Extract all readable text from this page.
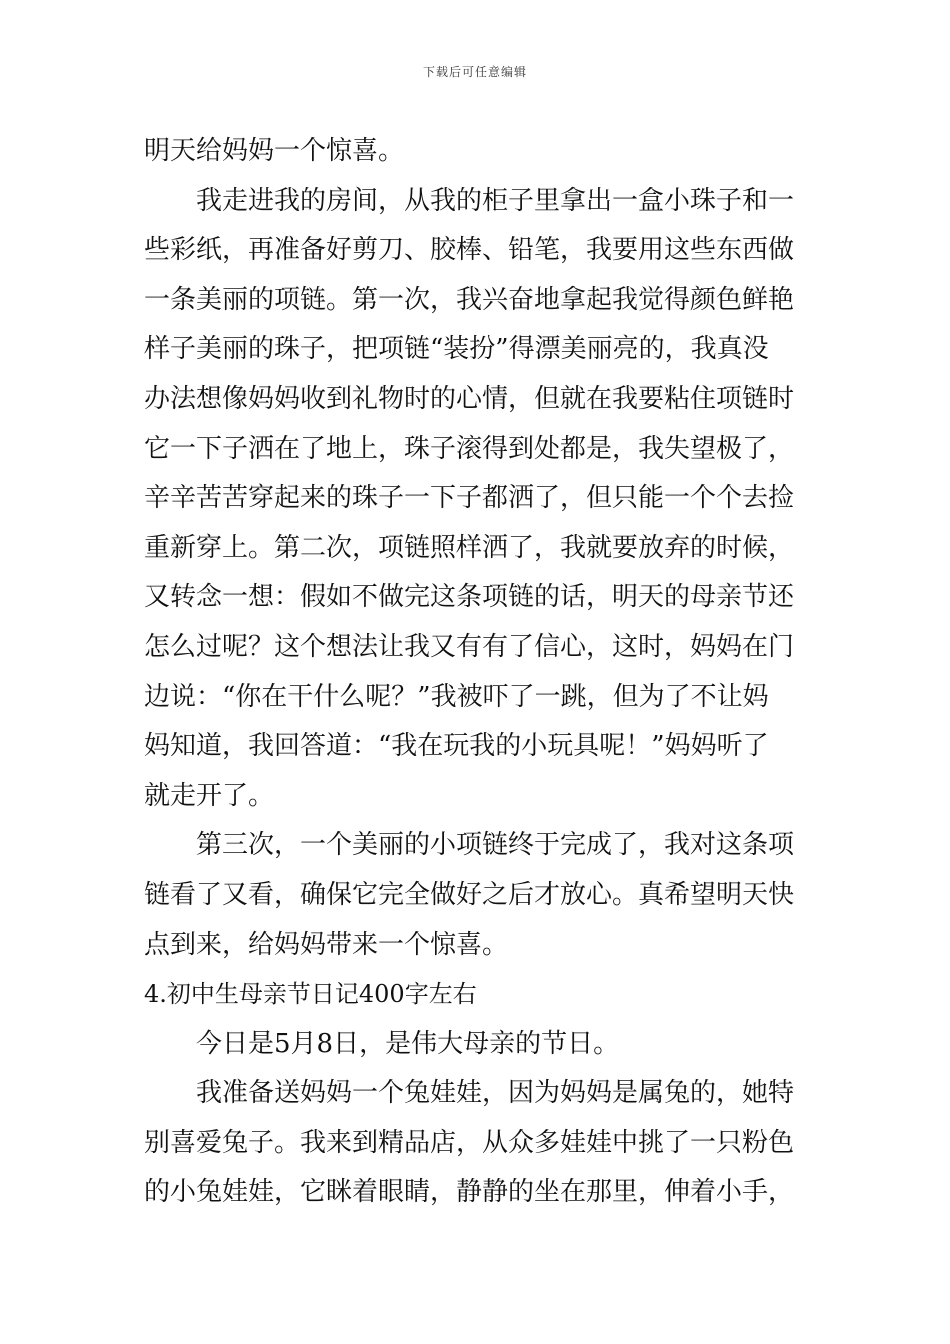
下载后可任意编辑
明天给妈妈一个惊喜。
我走进我的房间，从我的柜子里拿出一盒小珠子和一
些彩纸，再准备好剪刀、胶棒、铅笔，我要用这些东西做
一条美丽的项链。第一次，我兴奋地拿起我觉得颜色鲜艳
样子美丽的珠子，把项链“装扮”得漂美丽亮的，我真没
办法想像妈妈收到礼物时的心情，但就在我要粘住项链时
它一下子洒在了地上，珠子滚得到处都是，我失望极了，
辛辛苦苦穿起来的珠子一下子都洒了，但只能一个个去捡
重新穿上。第二次，项链照样洒了，我就要放弃的时候，
又转念一想：假如不做完这条项链的话，明天的母亲节还
怎么过呢？这个想法让我又有有了信心，这时，妈妈在门
边说：“你在干什么呢？”我被吓了一跳，但为了不让妈
妈知道，我回答道：“我在玩我的小玩具呢！”妈妈听了
就走开了。
第三次，一个美丽的小项链终于完成了，我对这条项
链看了又看，确保它完全做好之后才放心。真希望明天快
点到来，给妈妈带来一个惊喜。
4.初中生母亲节日记400字左右
今日是5月8日，是伟大母亲的节日。
我准备送妈妈一个兔娃娃，因为妈妈是属兔的，她特
别喜爱兔子。我来到精品店，从众多娃娃中挑了一只粉色
的小兔娃娃，它眯着眼睛，静静的坐在那里，伸着小手，
